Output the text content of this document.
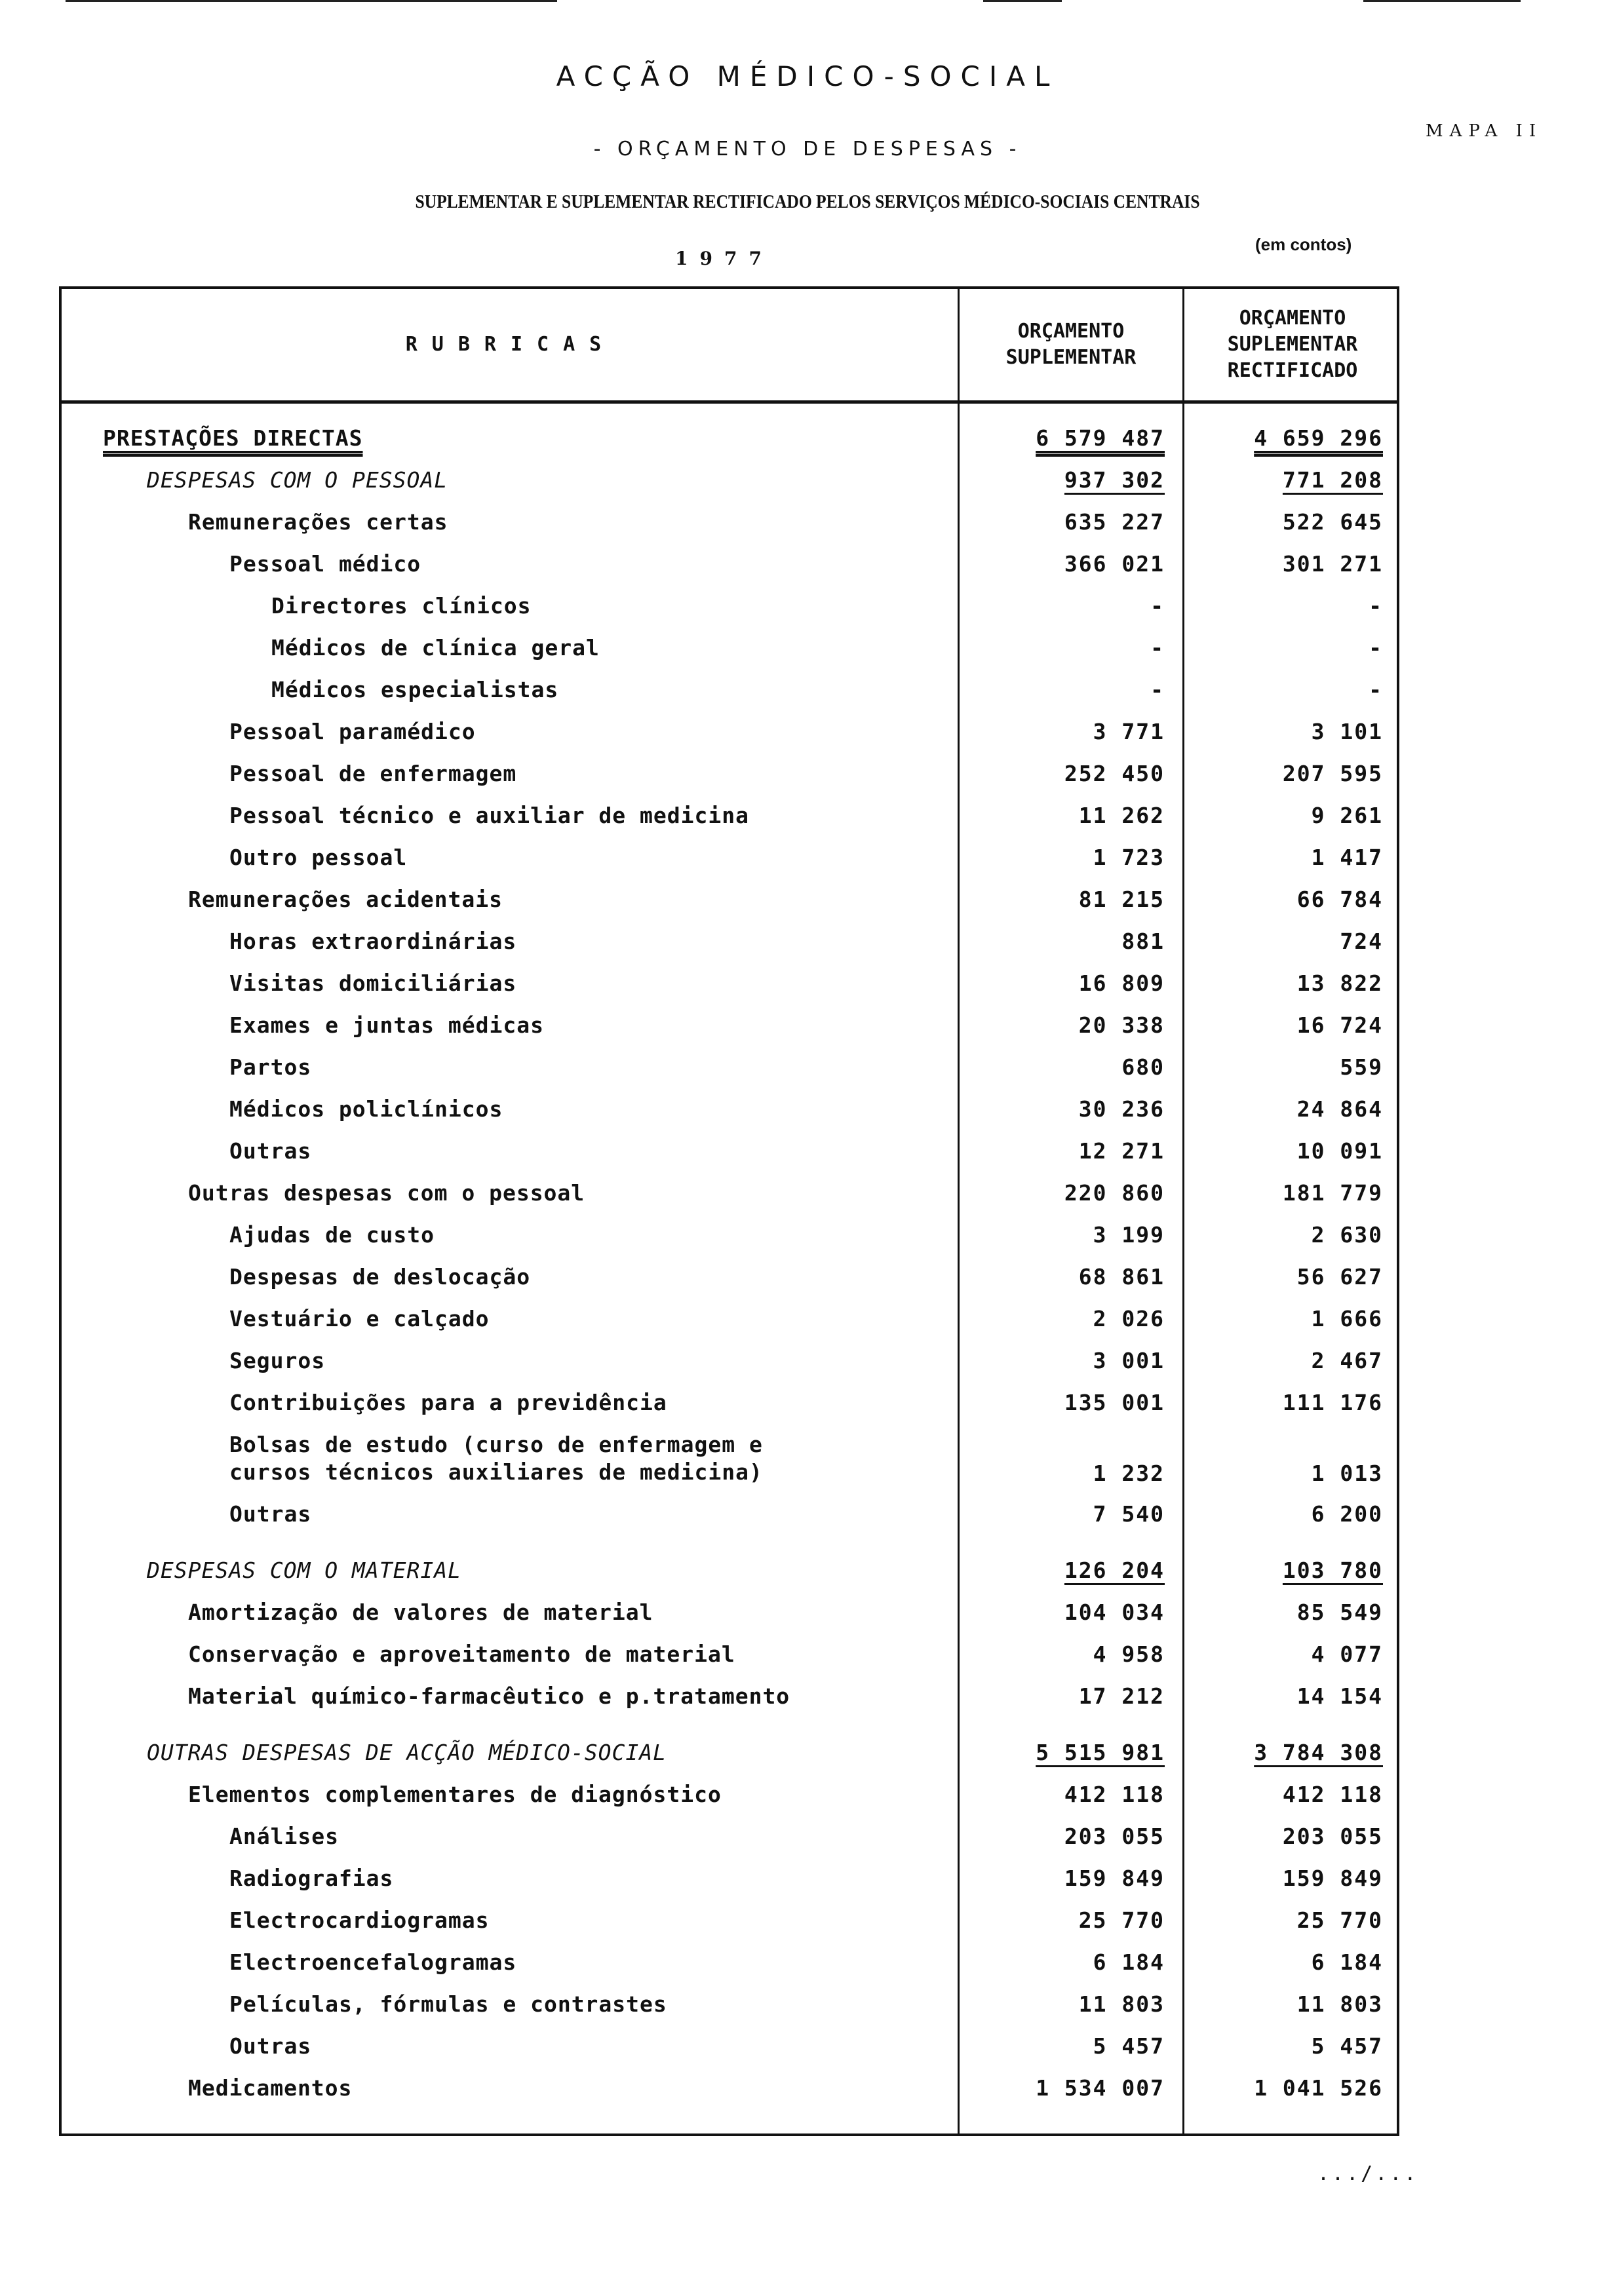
ACÇÃO MÉDICO-SOCIAL
MAPA II
- ORÇAMENTO DE DESPESAS -
SUPLEMENTAR E SUPLEMENTAR RECTIFICADO PELOS SERVIÇOS MÉDICO-SOCIAIS CENTRAIS
(em contos)
1977
RUBRICAS
ORÇAMENTO
SUPLEMENTAR
ORÇAMENTO
SUPLEMENTAR
RECTIFICADO
PRESTAÇÕES DIRECTAS	6 579 487	4 659 296
DESPESAS COM O PESSOAL	937 302	771 208
Remunerações certas	635 227	522 645
Pessoal médico	366 021	301 271
Directores clínicos	-	-
Médicos de clínica geral	-	-
Médicos especialistas	-	-
Pessoal paramédico	3 771	3 101
Pessoal de enfermagem	252 450	207 595
Pessoal técnico e auxiliar de medicina	11 262	9 261
Outro pessoal	1 723	1 417
Remunerações acidentais	81 215	66 784
Horas extraordinárias	881	724
Visitas domiciliárias	16 809	13 822
Exames e juntas médicas	20 338	16 724
Partos	680	559
Médicos policlínicos	30 236	24 864
Outras	12 271	10 091
Outras despesas com o pessoal	220 860	181 779
Ajudas de custo	3 199	2 630
Despesas de deslocação	68 861	56 627
Vestuário e calçado	2 026	1 666
Seguros	3 001	2 467
Contribuições para a previdência	135 001	111 176
Bolsas de estudo (curso de enfermagem e
cursos técnicos auxiliares de medicina)	1 232	1 013
Outras	7 540	6 200
DESPESAS COM O MATERIAL	126 204	103 780
Amortização de valores de material	104 034	85 549
Conservação e aproveitamento de material	4 958	4 077
Material químico-farmacêutico e p.tratamento	17 212	14 154
OUTRAS DESPESAS DE ACÇÃO MÉDICO-SOCIAL	5 515 981	3 784 308
Elementos complementares de diagnóstico	412 118	412 118
Análises	203 055	203 055
Radiografias	159 849	159 849
Electrocardiogramas	25 770	25 770
Electroencefalogramas	6 184	6 184
Películas, fórmulas e contrastes	11 803	11 803
Outras	5 457	5 457
Medicamentos	1 534 007	1 041 526
.../...
